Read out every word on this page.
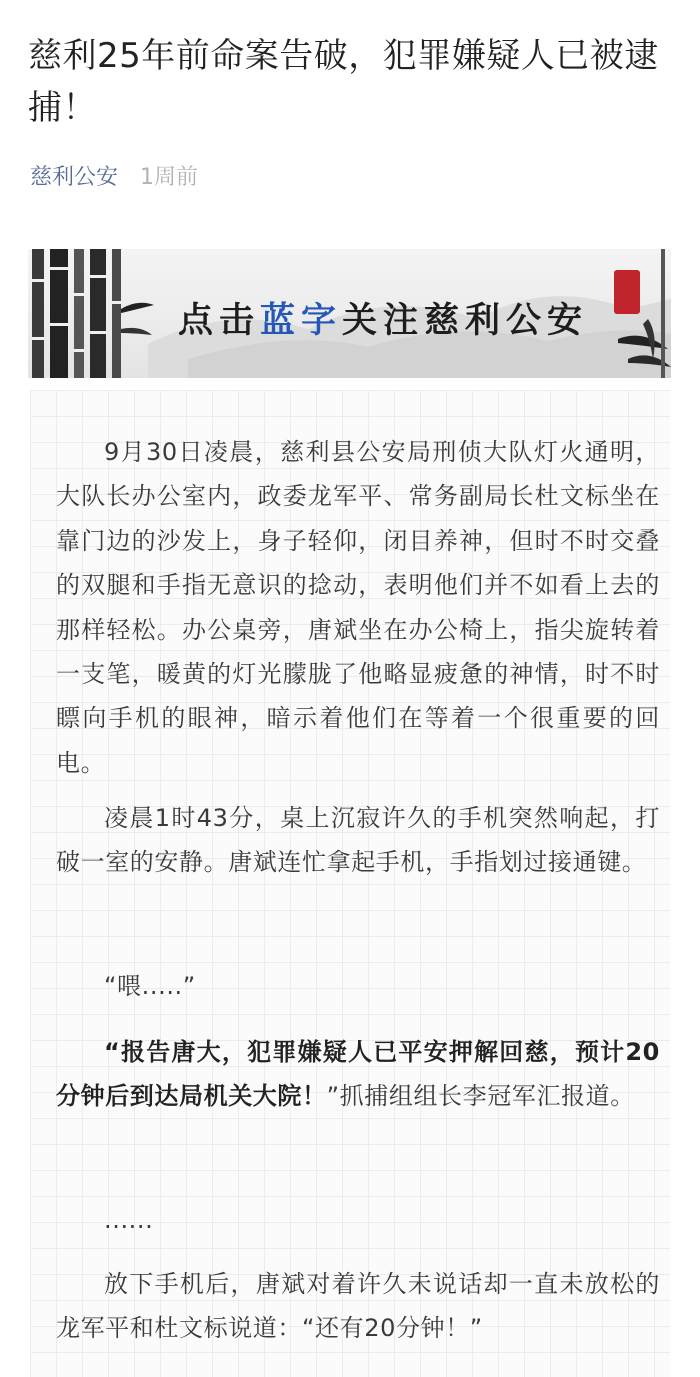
慈利25年前命案告破，犯罪嫌疑人已被逮捕！
慈利公安 1周前
点击蓝字关注慈利公安

9月30日凌晨，慈利县公安局刑侦大队灯火通明，大队长办公室内，政委龙军平、常务副局长杜文标坐在靠门边的沙发上，身子轻仰，闭目养神，但时不时交叠的双腿和手指无意识的捻动，表明他们并不如看上去的那样轻松。办公桌旁，唐斌坐在办公椅上，指尖旋转着一支笔，暖黄的灯光朦胧了他略显疲惫的神情，时不时瞟向手机的眼神，暗示着他们在等着一个很重要的回电。

凌晨1时43分，桌上沉寂许久的手机突然响起，打破一室的安静。唐斌连忙拿起手机，手指划过接通键。

“喂.....”

“报告唐大，犯罪嫌疑人已平安押解回慈，预计20分钟后到达局机关大院！”抓捕组组长李冠军汇报道。

......

放下手机后，唐斌对着许久未说话却一直未放松的龙军平和杜文标说道：“还有20分钟！”
